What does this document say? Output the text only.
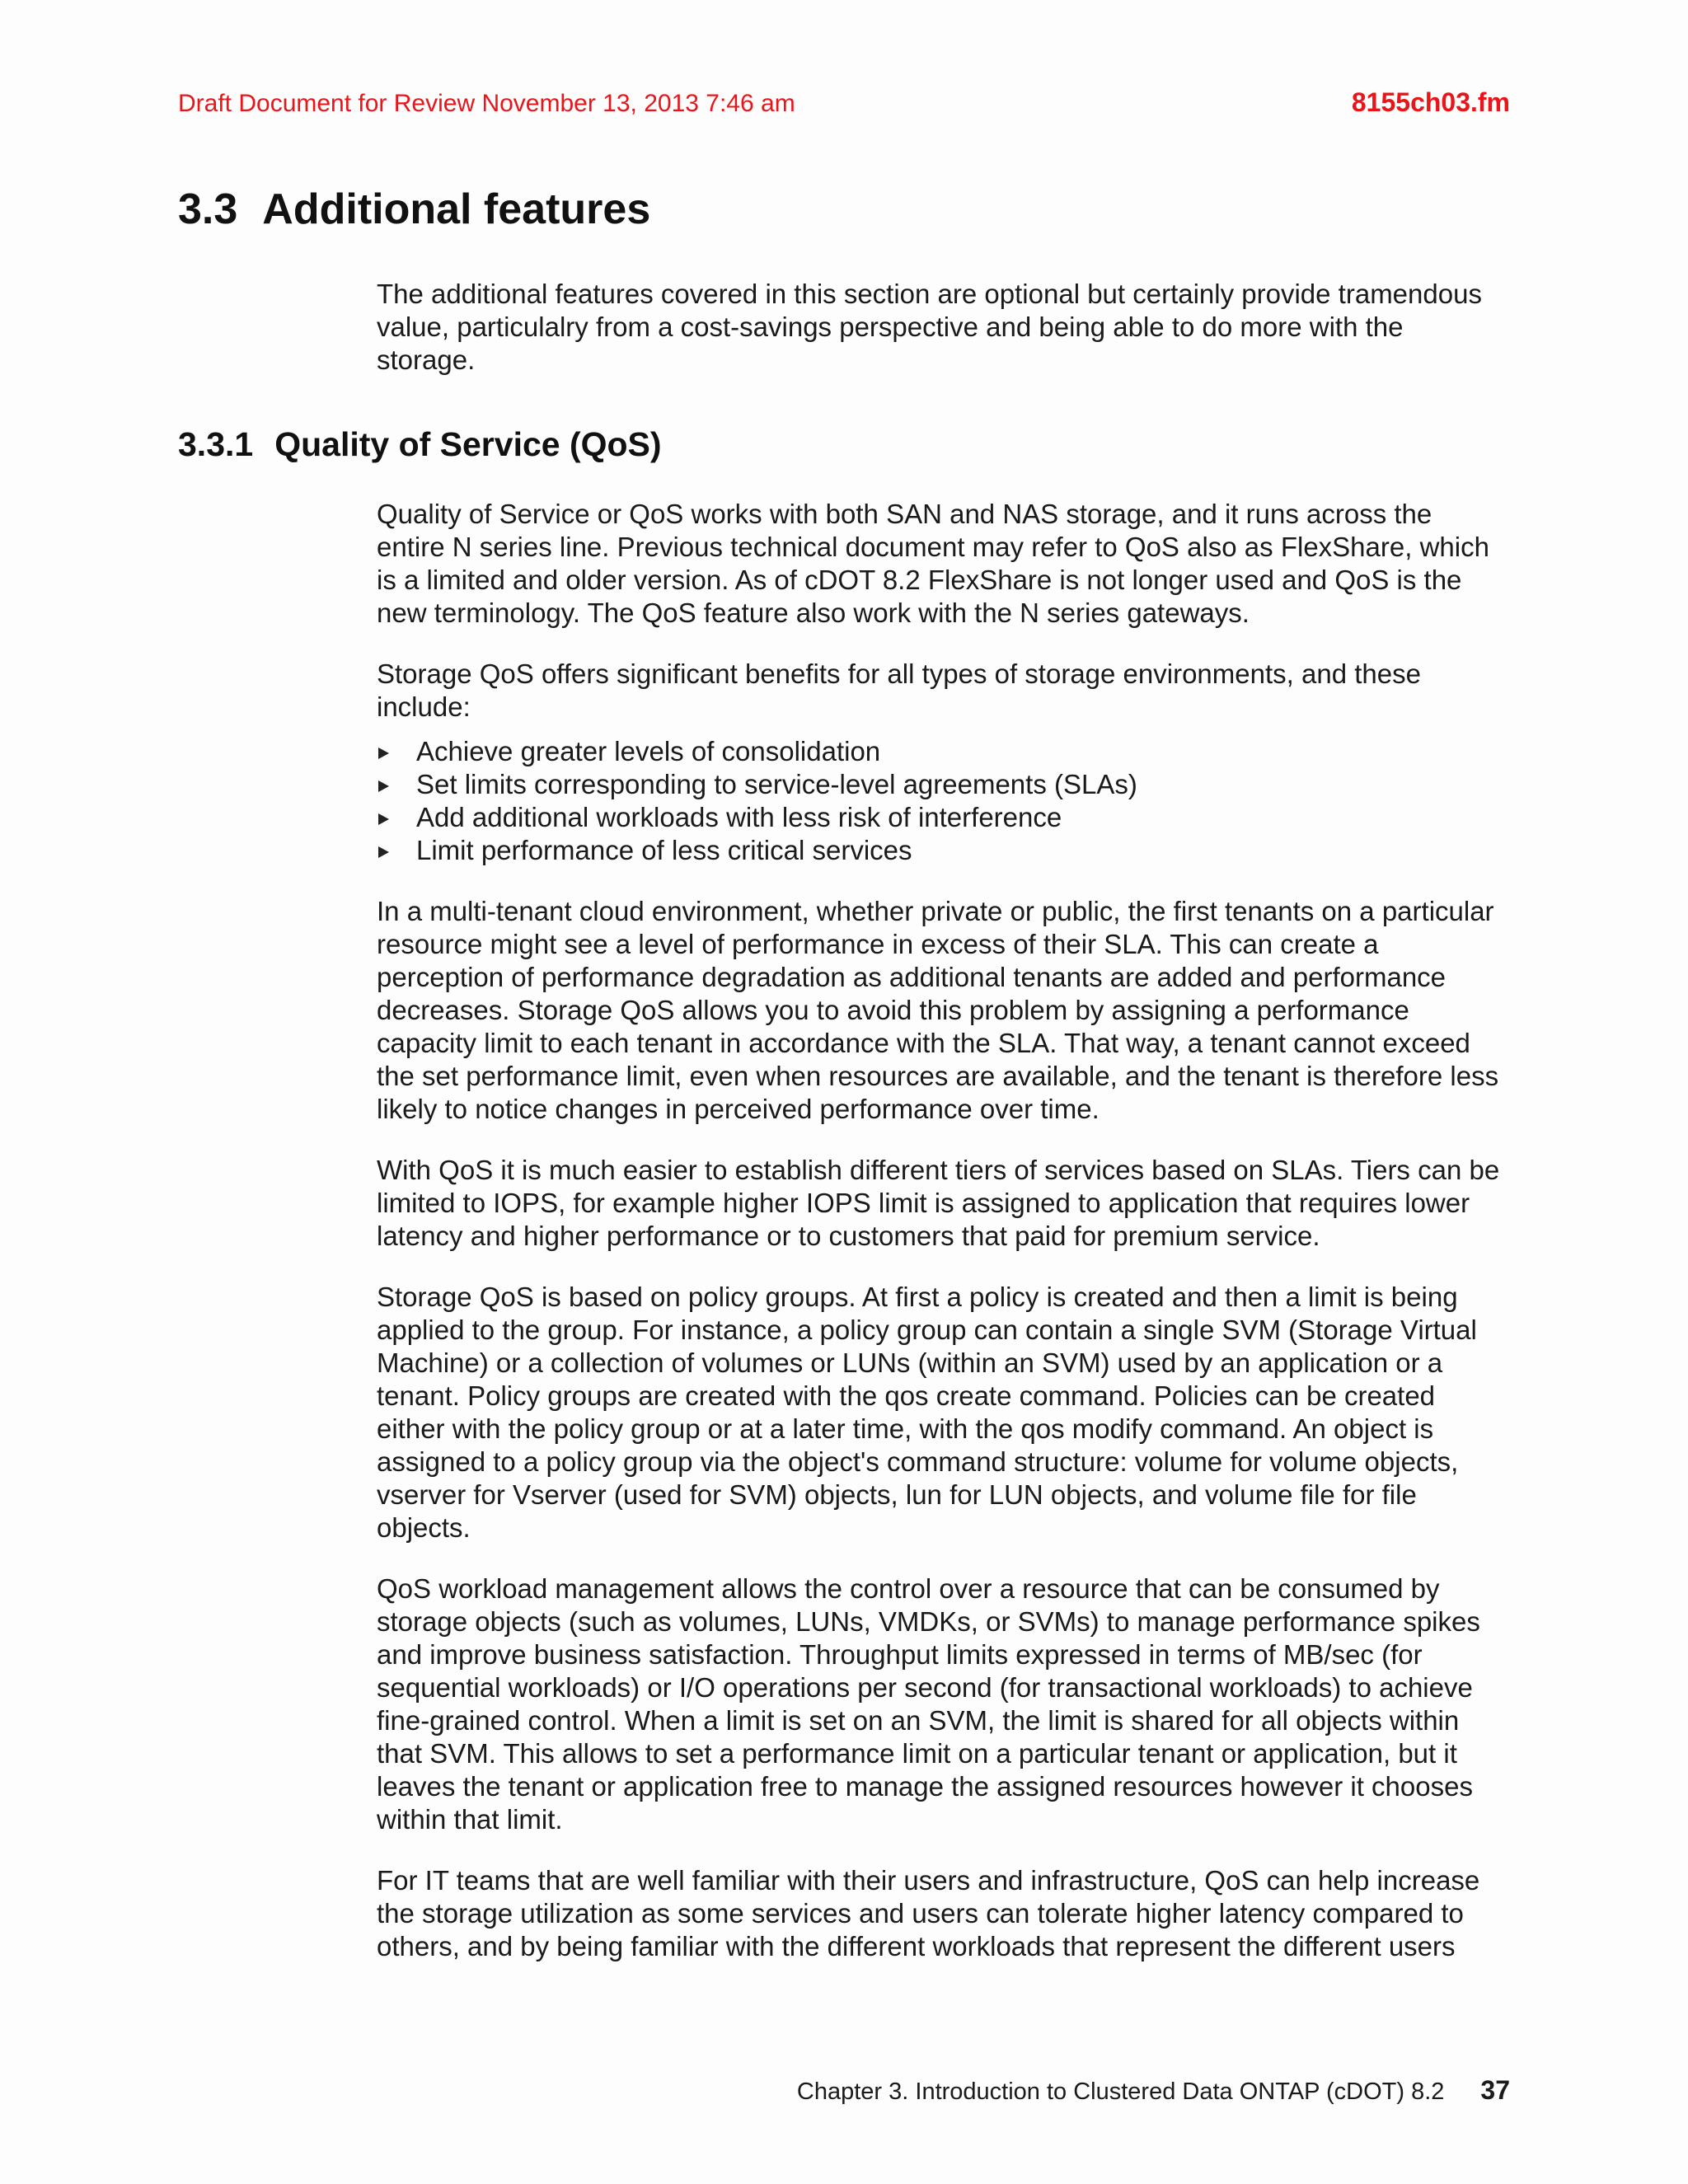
Draft Document for Review November 13, 2013 7:46 am	8155ch03.fm
3.3 Additional features

The additional features covered in this section are optional but certainly provide tramendous
value, particulalry from a cost-savings perspective and being able to do more with the
storage.

3.3.1 Quality of Service (QoS)

Quality of Service or QoS works with both SAN and NAS storage, and it runs across the
entire N series line. Previous technical document may refer to QoS also as FlexShare, which
is a limited and older version. As of cDOT 8.2 FlexShare is not longer used and QoS is the
new terminology. The QoS feature also work with the N series gateways.

Storage QoS offers significant benefits for all types of storage environments, and these
include:

Achieve greater levels of consolidation
Set limits corresponding to service-level agreements (SLAs)
Add additional workloads with less risk of interference
Limit performance of less critical services

In a multi-tenant cloud environment, whether private or public, the first tenants on a particular
resource might see a level of performance in excess of their SLA. This can create a
perception of performance degradation as additional tenants are added and performance
decreases. Storage QoS allows you to avoid this problem by assigning a performance
capacity limit to each tenant in accordance with the SLA. That way, a tenant cannot exceed
the set performance limit, even when resources are available, and the tenant is therefore less
likely to notice changes in perceived performance over time.

With QoS it is much easier to establish different tiers of services based on SLAs. Tiers can be
limited to IOPS, for example higher IOPS limit is assigned to application that requires lower
latency and higher performance or to customers that paid for premium service.

Storage QoS is based on policy groups. At first a policy is created and then a limit is being
applied to the group. For instance, a policy group can contain a single SVM (Storage Virtual
Machine) or a collection of volumes or LUNs (within an SVM) used by an application or a
tenant. Policy groups are created with the qos create command. Policies can be created
either with the policy group or at a later time, with the qos modify command. An object is
assigned to a policy group via the object's command structure: volume for volume objects,
vserver for Vserver (used for SVM) objects, lun for LUN objects, and volume file for file
objects.

QoS workload management allows the control over a resource that can be consumed by
storage objects (such as volumes, LUNs, VMDKs, or SVMs) to manage performance spikes
and improve business satisfaction. Throughput limits expressed in terms of MB/sec (for
sequential workloads) or I/O operations per second (for transactional workloads) to achieve
fine-grained control. When a limit is set on an SVM, the limit is shared for all objects within
that SVM. This allows to set a performance limit on a particular tenant or application, but it
leaves the tenant or application free to manage the assigned resources however it chooses
within that limit.

For IT teams that are well familiar with their users and infrastructure, QoS can help increase
the storage utilization as some services and users can tolerate higher latency compared to
others, and by being familiar with the different workloads that represent the different users

Chapter 3. Introduction to Clustered Data ONTAP (cDOT) 8.2 37
